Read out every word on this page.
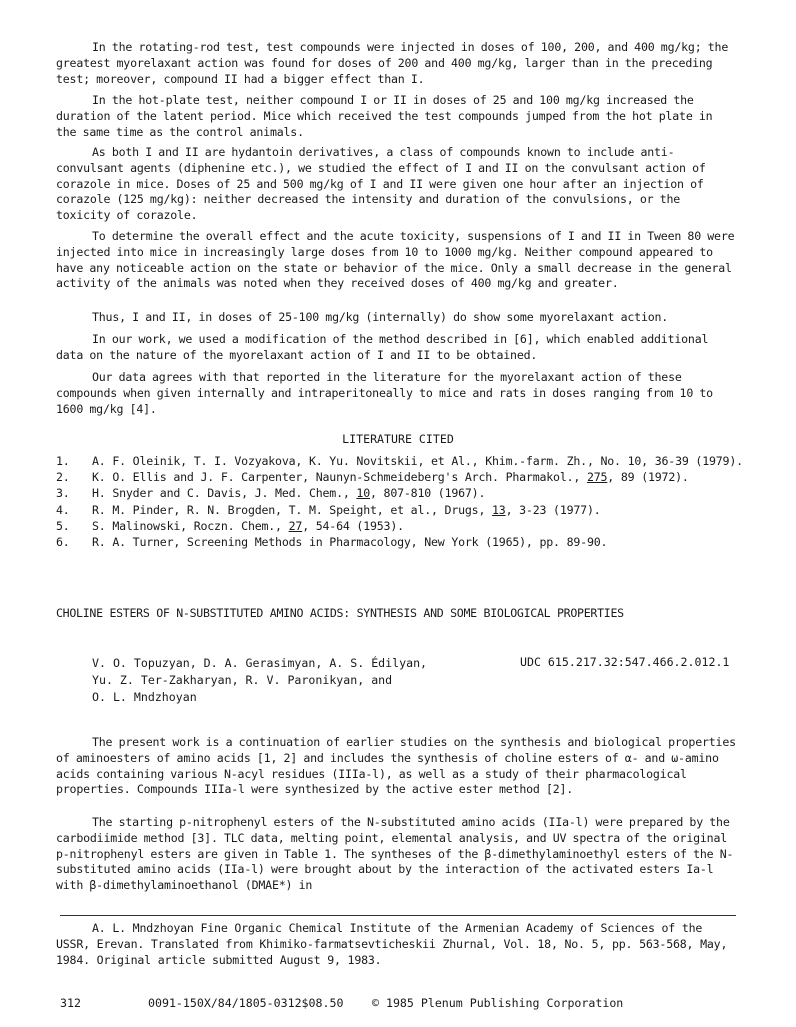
In the rotating-rod test, test compounds were injected in doses of 100, 200, and 400 mg/kg; the greatest myorelaxant action was found for doses of 200 and 400 mg/kg, larger than in the preceding test; moreover, compound II had a bigger effect than I.

In the hot-plate test, neither compound I or II in doses of 25 and 100 mg/kg increased the duration of the latent period. Mice which received the test compounds jumped from the hot plate in the same time as the control animals.

As both I and II are hydantoin derivatives, a class of compounds known to include anti-convulsant agents (diphenine etc.), we studied the effect of I and II on the convulsant action of corazole in mice. Doses of 25 and 500 mg/kg of I and II were given one hour after an injection of corazole (125 mg/kg): neither decreased the intensity and duration of the convulsions, or the toxicity of corazole.

To determine the overall effect and the acute toxicity, suspensions of I and II in Tween 80 were injected into mice in increasingly large doses from 10 to 1000 mg/kg. Neither compound appeared to have any noticeable action on the state or behavior of the mice. Only a small decrease in the general activity of the animals was noted when they received doses of 400 mg/kg and greater.

Thus, I and II, in doses of 25-100 mg/kg (internally) do show some myorelaxant action.

In our work, we used a modification of the method described in [6], which enabled additional data on the nature of the myorelaxant action of I and II to be obtained.

Our data agrees with that reported in the literature for the myorelaxant action of these compounds when given internally and intraperitoneally to mice and rats in doses ranging from 10 to 1600 mg/kg [4].

LITERATURE CITED

1. A. F. Oleinik, T. I. Vozyakova, K. Yu. Novitskii, et Al., Khim.-farm. Zh., No. 10, 36-39 (1979).
2. K. O. Ellis and J. F. Carpenter, Naunyn-Schmeideberg's Arch. Pharmakol., 275, 89 (1972).
3. H. Snyder and C. Davis, J. Med. Chem., 10, 807-810 (1967).
4. R. M. Pinder, R. N. Brogden, T. M. Speight, et al., Drugs, 13, 3-23 (1977).
5. S. Malinowski, Roczn. Chem., 27, 54-64 (1953).
6. R. A. Turner, Screening Methods in Pharmacology, New York (1965), pp. 89-90.

CHOLINE ESTERS OF N-SUBSTITUTED AMINO ACIDS: SYNTHESIS AND SOME BIOLOGICAL PROPERTIES

V. O. Topuzyan, D. A. Gerasimyan, A. S. Édilyan,
Yu. Z. Ter-Zakharyan, R. V. Paronikyan, and
O. L. Mndzhoyan

UDC 615.217.32:547.466.2.012.1

The present work is a continuation of earlier studies on the synthesis and biological properties of aminoesters of amino acids [1, 2] and includes the synthesis of choline esters of α- and ω-amino acids containing various N-acyl residues (IIIa-l), as well as a study of their pharmacological properties. Compounds IIIa-l were synthesized by the active ester method [2].

The starting p-nitrophenyl esters of the N-substituted amino acids (IIa-l) were prepared by the carbodiimide method [3]. TLC data, melting point, elemental analysis, and UV spectra of the original p-nitrophenyl esters are given in Table 1. The syntheses of the β-dimethylaminoethyl esters of the N-substituted amino acids (IIa-l) were brought about by the interaction of the activated esters Ia-l with β-dimethylaminoethanol (DMAE*) in

A. L. Mndzhoyan Fine Organic Chemical Institute of the Armenian Academy of Sciences of the USSR, Erevan. Translated from Khimiko-farmatsevticheskii Zhurnal, Vol. 18, No. 5, pp. 563-568, May, 1984. Original article submitted August 9, 1983.

312	0091-150X/84/1805-0312$08.50 © 1985 Plenum Publishing Corporation
